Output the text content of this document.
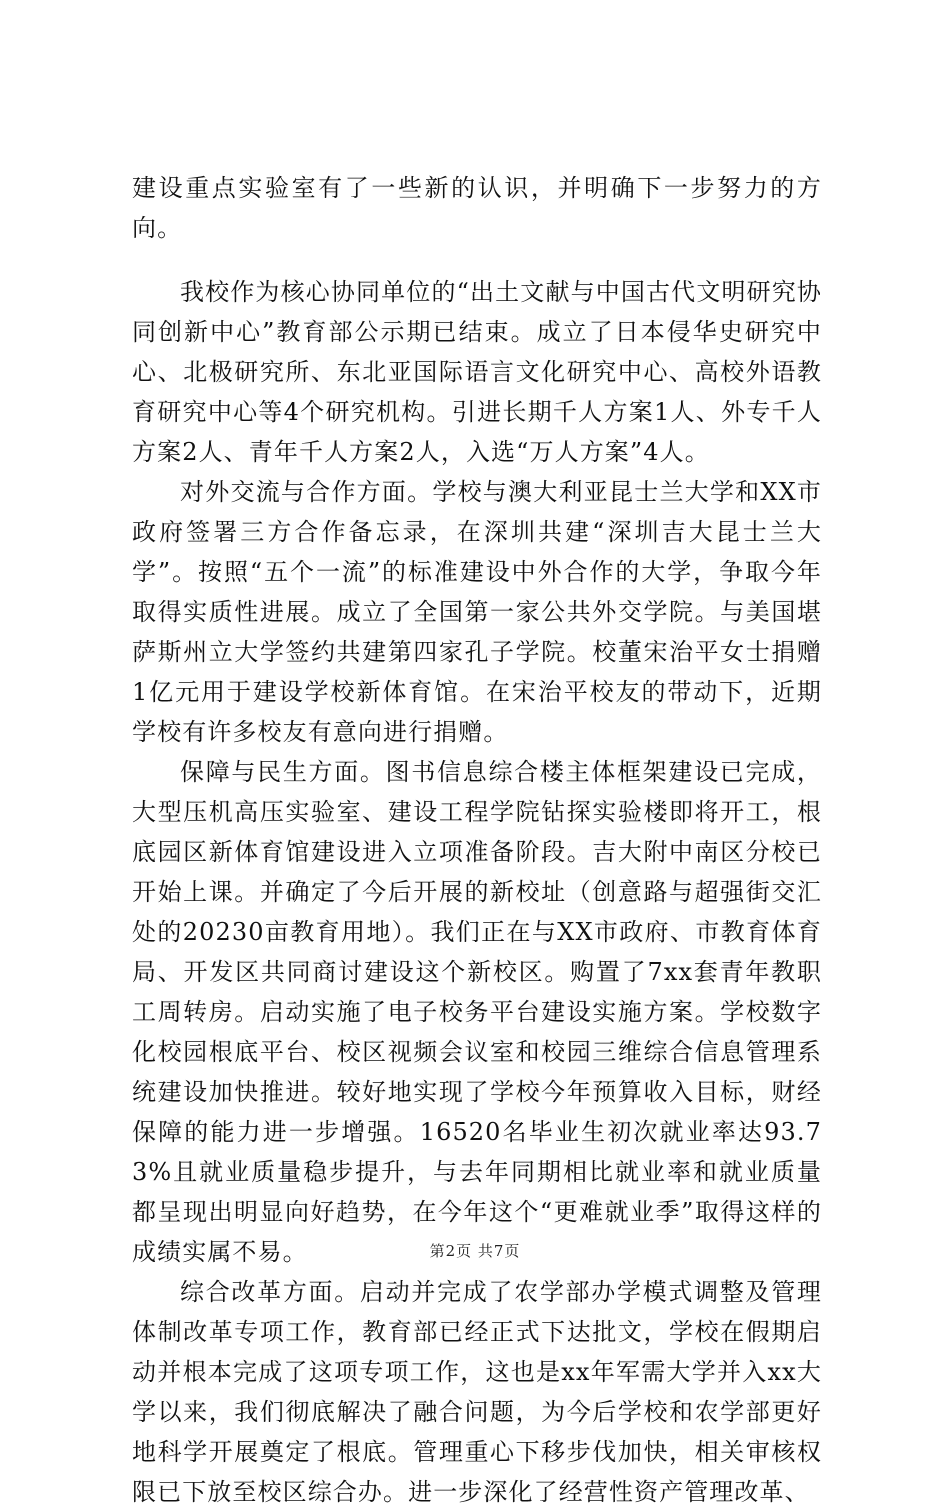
建设重点实验室有了一些新的认识，并明确下一步努力的方向。

我校作为核心协同单位的“出土文献与中国古代文明研究协同创新中心”教育部公示期已结束。成立了日本侵华史研究中心、北极研究所、东北亚国际语言文化研究中心、高校外语教育研究中心等4个研究机构。引进长期千人方案1人、外专千人方案2人、青年千人方案2人，入选“万人方案”4人。

对外交流与合作方面。学校与澳大利亚昆士兰大学和XX市政府签署三方合作备忘录，在深圳共建“深圳吉大昆士兰大学”。按照“五个一流”的标准建设中外合作的大学，争取今年取得实质性进展。成立了全国第一家公共外交学院。与美国堪萨斯州立大学签约共建第四家孔子学院。校董宋治平女士捐赠1亿元用于建设学校新体育馆。在宋治平校友的带动下，近期学校有许多校友有意向进行捐赠。

保障与民生方面。图书信息综合楼主体框架建设已完成，大型压机高压实验室、建设工程学院钻探实验楼即将开工，根底园区新体育馆建设进入立项准备阶段。吉大附中南区分校已开始上课。并确定了今后开展的新校址（创意路与超强街交汇处的20230亩教育用地）。我们正在与XX市政府、市教育体育局、开发区共同商讨建设这个新校区。购置了7xx套青年教职工周转房。启动实施了电子校务平台建设实施方案。学校数字化校园根底平台、校区视频会议室和校园三维综合信息管理系统建设加快推进。较好地实现了学校今年预算收入目标，财经保障的能力进一步增强。16520名毕业生初次就业率达93.73%且就业质量稳步提升，与去年同期相比就业率和就业质量都呈现出明显向好趋势，在今年这个“更难就业季”取得这样的成绩实属不易。

综合改革方面。启动并完成了农学部办学模式调整及管理体制改革专项工作，教育部已经正式下达批文，学校在假期启动并根本完成了这项专项工作，这也是xx年军需大学并入xx大学以来，我们彻底解决了融合问题，为今后学校和农学部更好地科学开展奠定了根底。管理重心下移步伐加快，相关审核权限已下放至校区综合办。进一步深化了经营性资产管理改革、

第2页 共7页
